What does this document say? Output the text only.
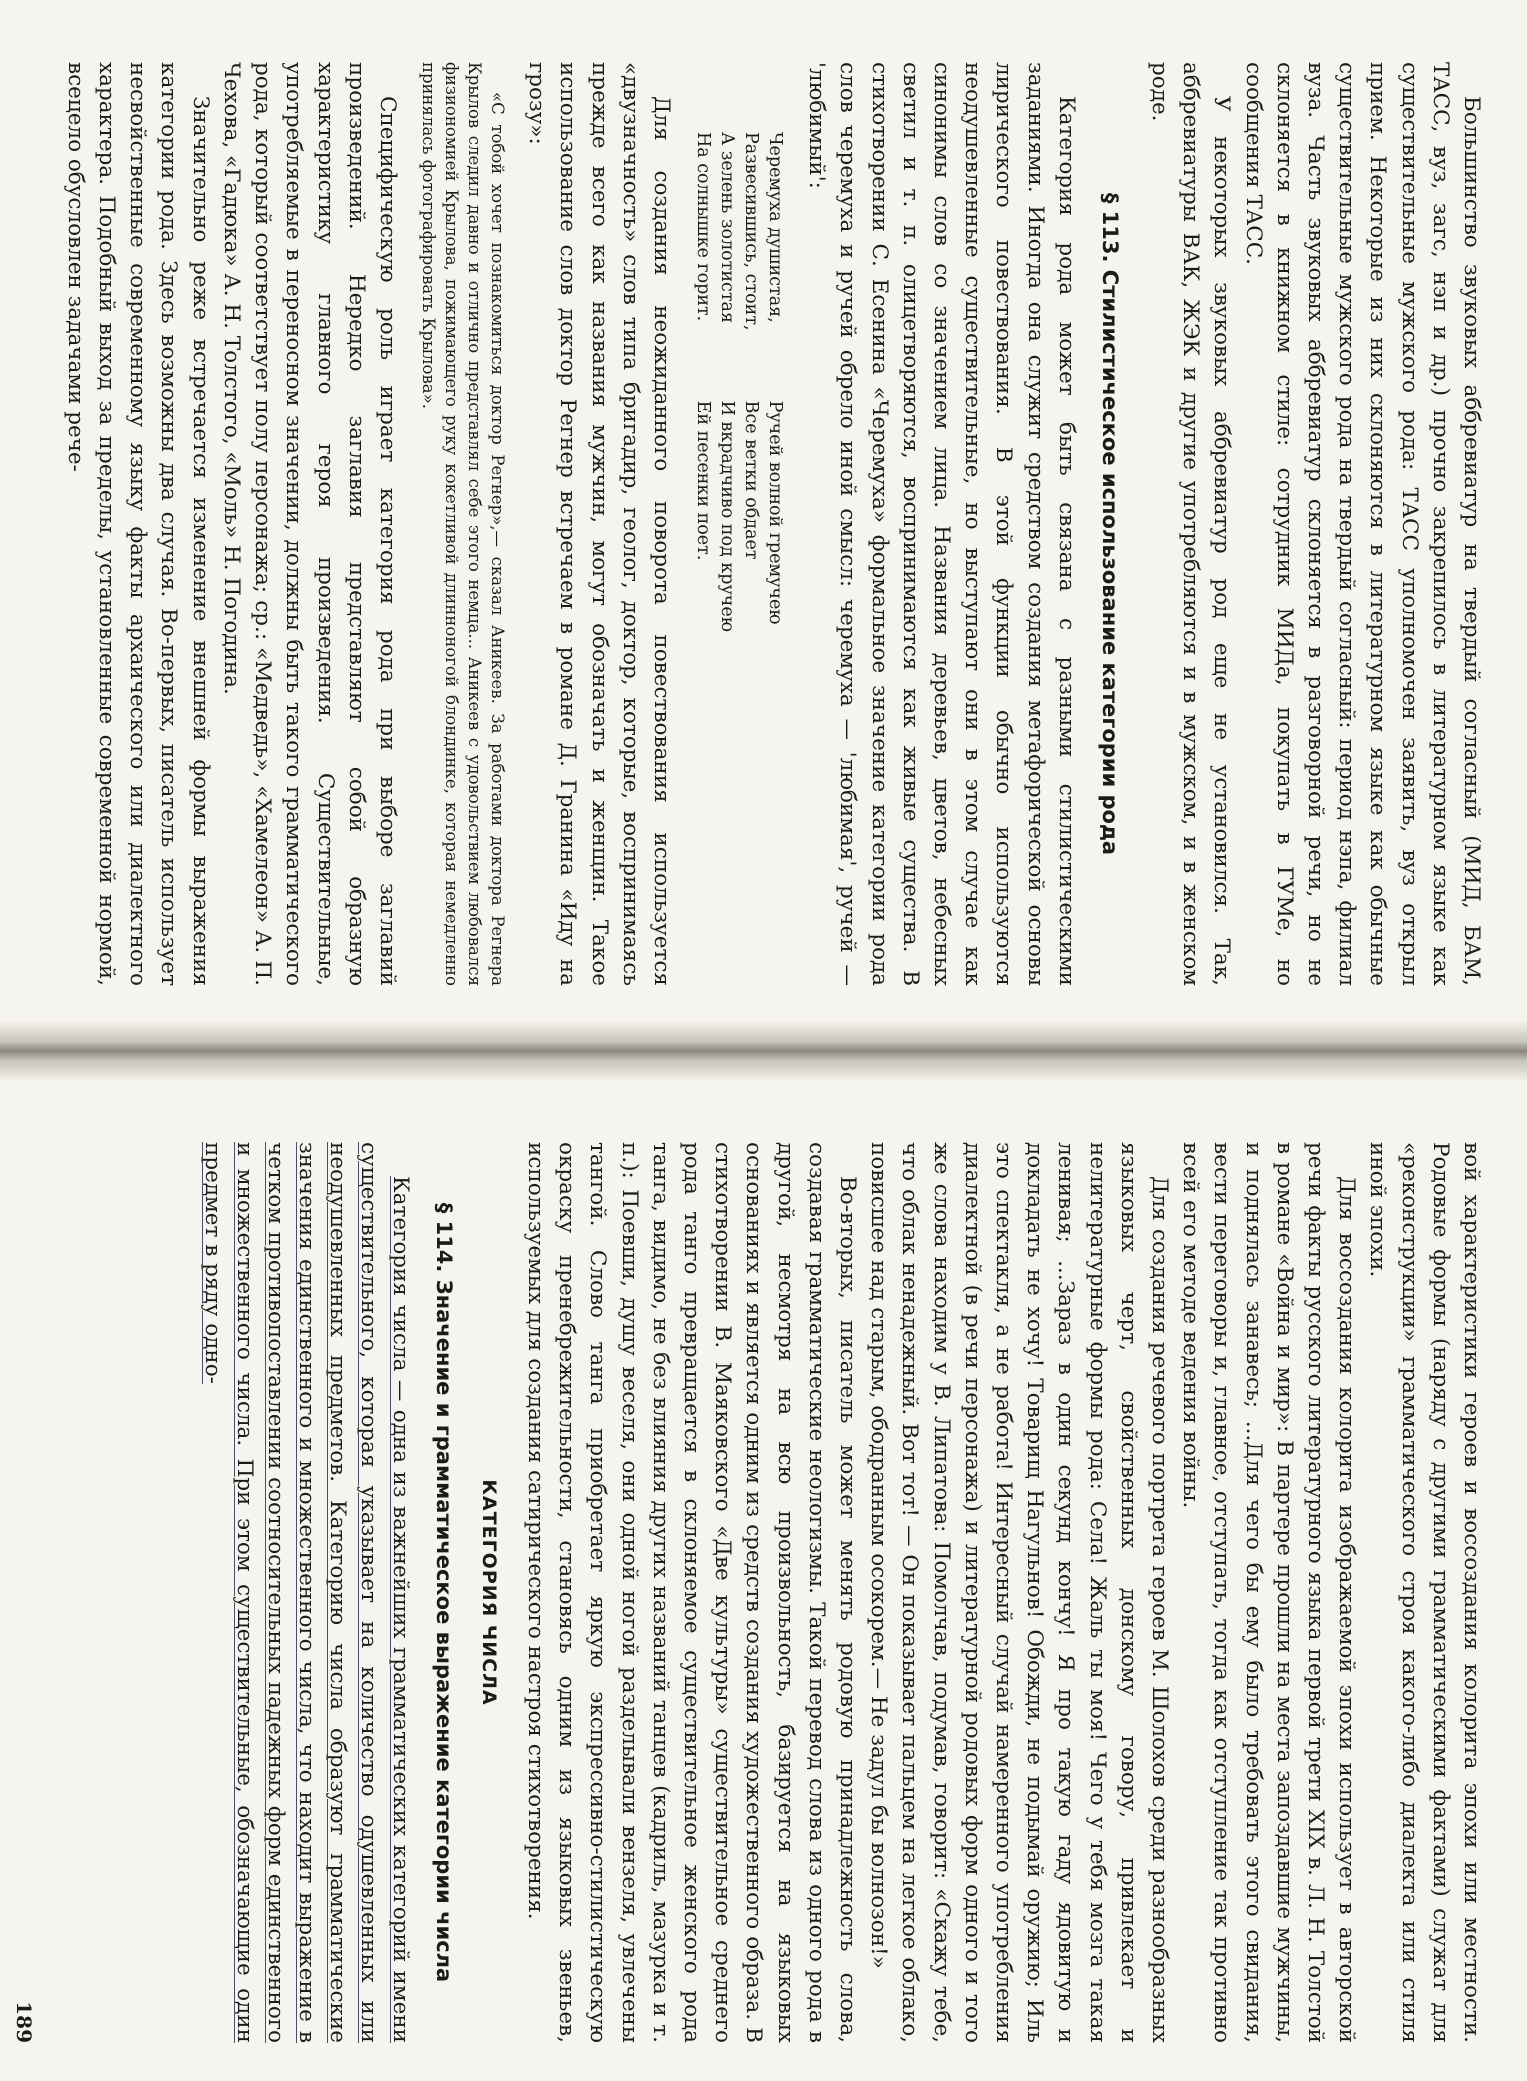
Большинство звуковых аббревиатур на твердый согласный (МИД, БАМ, ТАСС, вуз, загс, нэп и др.) прочно закрепилось в литературном языке как существительные мужского рода: ТАСС уполномочен заявить, вуз открыл прием. Некоторые из них склоняются в литературном языке как обычные существительные мужского рода на твердый согласный: период нэпа, филиал вуза. Часть звуковых аббревиатур склоняется в разговорной речи, но не склоняется в книжном стиле: сотрудник МИДа, покупать в ГУМе, но сообщения ТАСС.

У некоторых звуковых аббревиатур род еще не установился. Так, аббревиатуры ВАК, ЖЭК и другие употребляются и в мужском, и в женском роде.

§ 113. Стилистическое использование категории рода

Категория рода может быть связана с разными стилистическими заданиями. Иногда она служит средством создания метафорической основы лирического повествования. В этой функции обычно используются неодушевленные существительные, но выступают они в этом случае как синонимы слов со значением лица. Названия деревьев, цветов, небесных светил и т. п. олицетворяются, воспринимаются как живые существа. В стихотворении С. Есенина «Черемуха» формальное значение категории рода слов черемуха и ручей обрело иной смысл: черемуха — 'любимая', ручей — 'любимый':

Черемуха душистая,
Развесившись, стоит,
А зелень золотистая
На солнышке горит.
Ручей волной гремучею
Все ветки обдает
И вкрадчиво под кручею
Ей песенки поет.

Для создания неожиданного поворота повествования используется «двузначность» слов типа бригадир, геолог, доктор, которые, воспринимаясь прежде всего как названия мужчин, могут обозначать и женщин. Такое использование слов доктор Регнер встречаем в романе Д. Гранина «Иду на грозу»:

«С тобой хочет познакомиться доктор Регнер»,— сказал Аникеев. За работами доктора Регнера Крылов следил давно и отлично представлял себе этого немца... Аникеев с удовольствием любовался физиономией Крылова, пожимающего руку кокетливой длинноногой блондинке, которая немедленно принялась фотографировать Крылова».

Специфическую роль играет категория рода при выборе заглавий произведений. Нередко заглавия представляют собой образную характеристику главного героя произведения. Существительные, употребляемые в переносном значении, должны быть такого грамматического рода, который соответствует полу персонажа; ср.: «Медведь», «Хамелеон» А. П. Чехова, «Гадюка» А. Н. Толстого, «Моль» Н. Погодина.

Значительно реже встречается изменение внешней формы выражения категории рода. Здесь возможны два случая. Во-первых, писатель использует несвойственные современному языку факты архаического или диалектного характера. Подобный выход за пределы, установленные современной нормой, всецело обусловлен задачами рече-

вой характеристики героев и воссоздания колорита эпохи или местности. Родовые формы (наряду с другими грамматическими фактами) служат для «реконструкции» грамматического строя какого-либо диалекта или стиля иной эпохи.

Для воссоздания колорита изображаемой эпохи использует в авторской речи факты русского литературного языка первой трети XIX в. Л. Н. Толстой в романе «Война и мир»: В партере прошли на места запоздавшие мужчины, и поднялась занавесь; ...Для чего бы ему было требовать этого свидания, вести переговоры и, главное, отступать, тогда как отступление так противно всей его методе ведения войны.

Для создания речевого портрета героев М. Шолохов среди разнообразных языковых черт, свойственных донскому говору, привлекает и нелитературные формы рода: Села! Жаль ты моя! Чего у тебя мозга такая ленивая; ...Зараз в один секунд кончу! Я про такую гаду ядовитую и докладать не хочу! Товарищ Нагульнов! Обожди, не подымай оружию; Иль это спектакля, а не работа! Интересный случай намеренного употребления диалектной (в речи персонажа) и литературной родовых форм одного и того же слова находим у В. Липатова: Помолчав, подумав, говорит: «Скажу тебе, что облак ненадежный. Вот тот! — Он показывает пальцем на легкое облако, повисшее над старым, ободранным осокорем.— Не задул бы волнозон!»

Во-вторых, писатель может менять родовую принадлежность слова, создавая грамматические неологизмы. Такой перевод слова из одного рода в другой, несмотря на всю произвольность, базируется на языковых основаниях и является одним из средств создания художественного образа. В стихотворении В. Маяковского «Две культуры» существительное среднего рода танго превращается в склоняемое существительное женского рода танга, видимо, не без влияния других названий танцев (кадриль, мазурка и т. п.): Поевши, душу веселя, они одной ногой разделывали вензеля, увлечены тангой. Слово танга приобретает яркую экспрессивно-стилистическую окраску пренебрежительности, становясь одним из языковых звеньев, используемых для создания сатирического настроя стихотворения.

КАТЕГОРИЯ ЧИСЛА
§ 114. Значение и грамматическое выражение категории числа

Категория числа — одна из важнейших грамматических категорий имени существительного, которая указывает на количество одушевленных или неодушевленных предметов. Категорию числа образуют грамматические значения единственного и множественного числа, что находит выражение в четком противопоставлении соотносительных падежных форм единственного и множественного числа. При этом существительные, обозначающие один предмет в ряду одно-

189
